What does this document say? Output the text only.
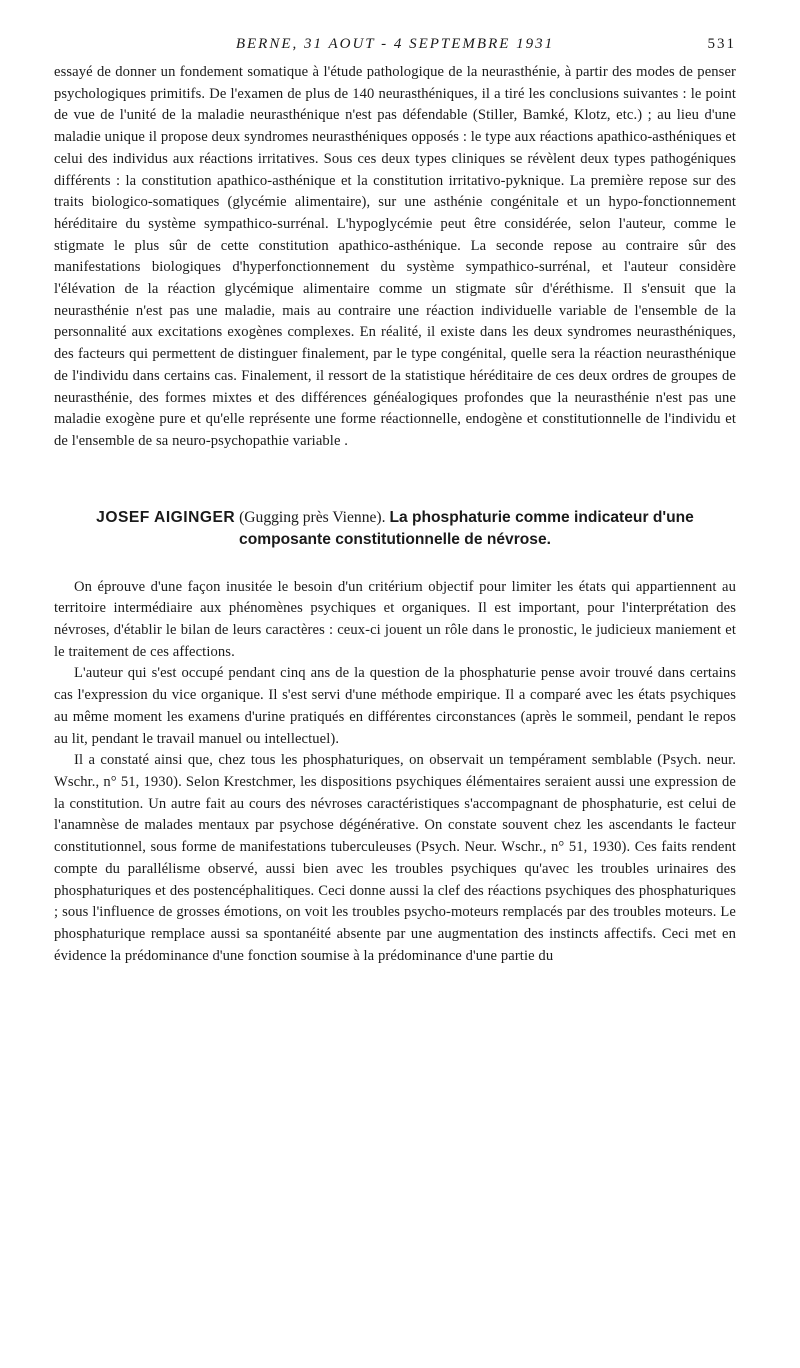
BERNE, 31 AOUT - 4 SEPTEMBRE 1931	531

essayé de donner un fondement somatique à l'étude pathologique de la neurasthénie, à partir des modes de penser psychologiques primitifs. De l'examen de plus de 140 neurasthéniques, il a tiré les conclusions suivantes : le point de vue de l'unité de la maladie neurasthénique n'est pas défendable (Stiller, Bamké, Klotz, etc.) ; au lieu d'une maladie unique il propose deux syndromes neurasthéniques opposés : le type aux réactions apathico-asthéniques et celui des individus aux réactions irritatives. Sous ces deux types cliniques se révèlent deux types pathogéniques différents : la constitution apathico-asthénique et la constitution irritativo-pyknique. La première repose sur des traits biologico-somatiques (glycémie alimentaire), sur une asthénie congénitale et un hypo-fonctionnement héréditaire du système sympathico-surrénal. L'hypoglycémie peut être considérée, selon l'auteur, comme le stigmate le plus sûr de cette constitution apathico-asthénique. La seconde repose au contraire sûr des manifestations biologiques d'hyperfonctionnement du système sympathico-surrénal, et l'auteur considère l'élévation de la réaction glycémique alimentaire comme un stigmate sûr d'éréthisme. Il s'ensuit que la neurasthénie n'est pas une maladie, mais au contraire une réaction individuelle variable de l'ensemble de la personnalité aux excitations exogènes complexes. En réalité, il existe dans les deux syndromes neurasthéniques, des facteurs qui permettent de distinguer finalement, par le type congénital, quelle sera la réaction neurasthénique de l'individu dans certains cas. Finalement, il ressort de la statistique héréditaire de ces deux ordres de groupes de neurasthénie, des formes mixtes et des différences généalogiques profondes que la neurasthénie n'est pas une maladie exogène pure et qu'elle représente une forme réactionnelle, endogène et constitutionnelle de l'individu et de l'ensemble de sa neuro-psychopathie variable .

JOSEF AIGINGER (Gugging près Vienne). La phosphaturie comme indicateur d'une composante constitutionnelle de névrose.

On éprouve d'une façon inusitée le besoin d'un critérium objectif pour limiter les états qui appartiennent au territoire intermédiaire aux phénomènes psychiques et organiques. Il est important, pour l'interprétation des névroses, d'établir le bilan de leurs caractères : ceux-ci jouent un rôle dans le pronostic, le judicieux maniement et le traitement de ces affections.

L'auteur qui s'est occupé pendant cinq ans de la question de la phosphaturie pense avoir trouvé dans certains cas l'expression du vice organique. Il s'est servi d'une méthode empirique. Il a comparé avec les états psychiques au même moment les examens d'urine pratiqués en différentes circonstances (après le sommeil, pendant le repos au lit, pendant le travail manuel ou intellectuel).

Il a constaté ainsi que, chez tous les phosphaturiques, on observait un tempérament semblable (Psych. neur. Wschr., n° 51, 1930). Selon Krestchmer, les dispositions psychiques élémentaires seraient aussi une expression de la constitution. Un autre fait au cours des névroses caractéristiques s'accompagnant de phosphaturie, est celui de l'anamnèse de malades mentaux par psychose dégénérative. On constate souvent chez les ascendants le facteur constitutionnel, sous forme de manifestations tuberculeuses (Psych. Neur. Wschr., n° 51, 1930). Ces faits rendent compte du parallélisme observé, aussi bien avec les troubles psychiques qu'avec les troubles urinaires des phosphaturiques et des postencéphalitiques. Ceci donne aussi la clef des réactions psychiques des phosphaturiques ; sous l'influence de grosses émotions, on voit les troubles psycho-moteurs remplacés par des troubles moteurs. Le phosphaturique remplace aussi sa spontanéité absente par une augmentation des instincts affectifs. Ceci met en évidence la prédominance d'une fonction soumise à la prédominance d'une partie du
